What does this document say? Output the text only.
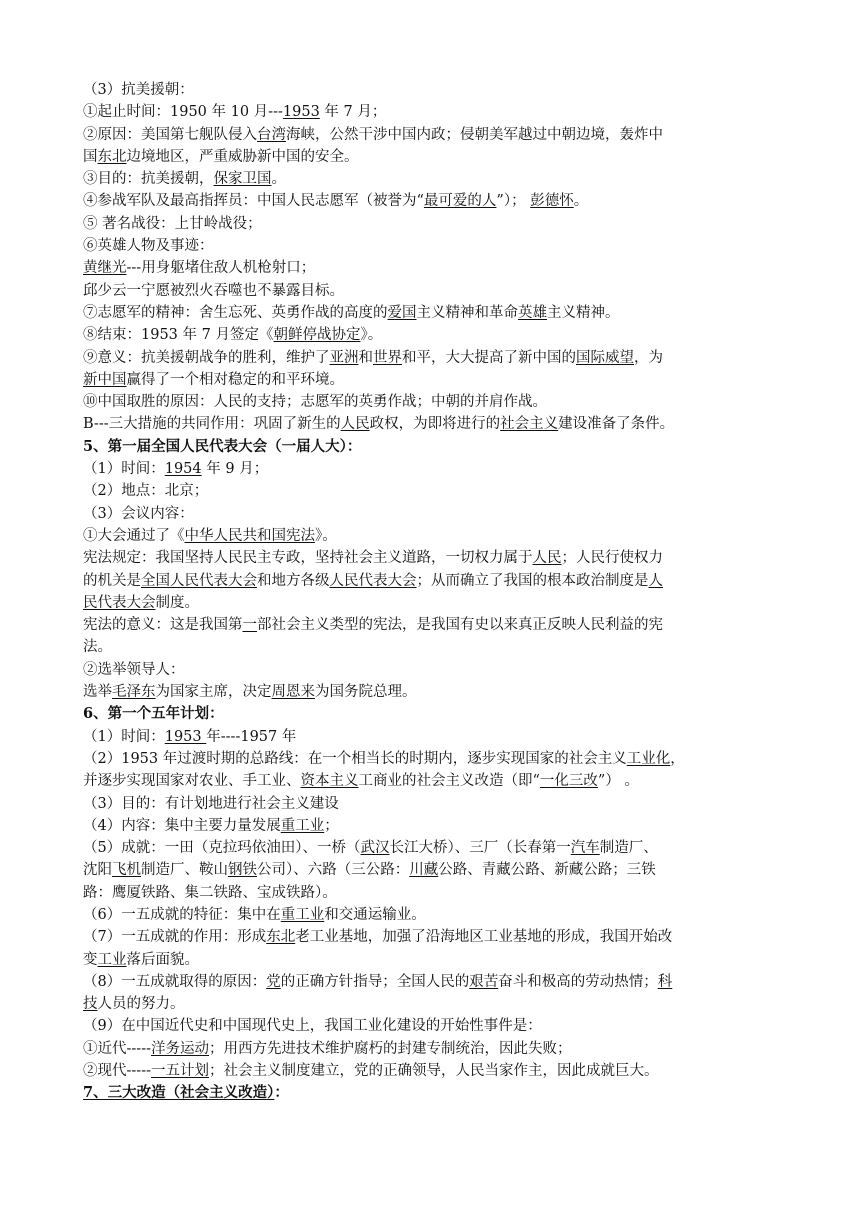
（3）抗美援朝：
①起止时间：1950 年 10 月---1953 年 7 月；
②原因：美国第七舰队侵入台湾海峡，公然干涉中国内政；侵朝美军越过中朝边境，轰炸中
国东北边境地区，严重威胁新中国的安全。
③目的：抗美援朝，保家卫国。
④参战军队及最高指挥员：中国人民志愿军（被誉为“最可爱的人”）； 彭德怀。
⑤ 著名战役：上甘岭战役；
⑥英雄人物及事迹：
黄继光---用身躯堵住敌人机枪射口；
邱少云一宁愿被烈火吞噬也不暴露目标。
⑦志愿军的精神：舍生忘死、英勇作战的高度的爱国主义精神和革命英雄主义精神。
⑧结束：1953 年 7 月签定《朝鲜停战协定》。
⑨意义：抗美援朝战争的胜利，维护了亚洲和世界和平，大大提高了新中国的国际威望，为
新中国赢得了一个相对稳定的和平环境。
⑩中国取胜的原因：人民的支持；志愿军的英勇作战；中朝的并肩作战。
B---三大措施的共同作用：巩固了新生的人民政权，为即将进行的社会主义建设准备了条件。
5、第一届全国人民代表大会（一届人大）：
（1）时间：1954 年 9 月；
（2）地点：北京；
（3）会议内容：
①大会通过了《中华人民共和国宪法》。
宪法规定：我国坚持人民民主专政，坚持社会主义道路，一切权力属于人民；人民行使权力
的机关是全国人民代表大会和地方各级人民代表大会；从而确立了我国的根本政治制度是人
民代表大会制度。
宪法的意义：这是我国第一部社会主义类型的宪法，是我国有史以来真正反映人民利益的宪
法。
②选举领导人：
选举毛泽东为国家主席，决定周恩来为国务院总理。
6、第一个五年计划：
（1）时间：1953 年----1957 年
（2）1953 年过渡时期的总路线：在一个相当长的时期内，逐步实现国家的社会主义工业化，
并逐步实现国家对农业、手工业、资本主义工商业的社会主义改造（即“一化三改”） 。
（3）目的：有计划地进行社会主义建设
（4）内容：集中主要力量发展重工业；
（5）成就：一田（克拉玛依油田）、一桥（武汉长江大桥）、三厂（长春第一汽车制造厂、
沈阳飞机制造厂、鞍山钢铁公司）、六路（三公路：川藏公路、青藏公路、新藏公路；三铁
路：鹰厦铁路、集二铁路、宝成铁路）。
（6）一五成就的特征：集中在重工业和交通运输业。
（7）一五成就的作用：形成东北老工业基地，加强了沿海地区工业基地的形成，我国开始改
变工业落后面貌。
（8）一五成就取得的原因：党的正确方针指导；全国人民的艰苦奋斗和极高的劳动热情；科
技人员的努力。
（9）在中国近代史和中国现代史上，我国工业化建设的开始性事件是：
①近代-----洋务运动；用西方先进技术维护腐朽的封建专制统治，因此失败；
②现代-----一五计划；社会主义制度建立，党的正确领导，人民当家作主，因此成就巨大。
7、三大改造（社会主义改造）：
